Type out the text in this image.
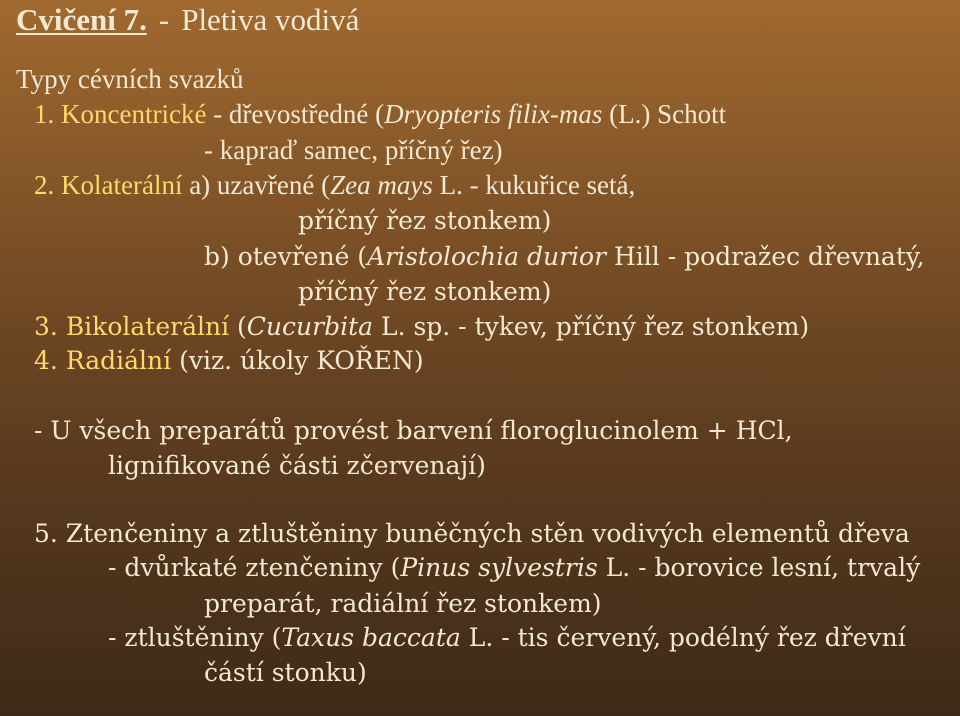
Cvičení 7. - Pletiva vodivá
Typy cévních svazků
1. Koncentrické - dřevostředné (Dryopteris filix-mas (L.) Schott
- kapraď samec, příčný řez)
2. Kolaterální a) uzavřené (Zea mays L. - kukuřice setá,
příčný řez stonkem)
b) otevřené (Aristolochia durior Hill - podražec dřevnatý,
příčný řez stonkem)
3. Bikolaterální (Cucurbita L. sp. - tykev, příčný řez stonkem)
4. Radiální (viz. úkoly KOŘEN)
- U všech preparátů provést barvení floroglucinolem + HCl,
lignifikované části zčervenají)
5. Ztenčeniny a ztluštěniny buněčných stěn vodivých elementů dřeva
- dvůrkaté ztenčeniny (Pinus sylvestris L. - borovice lesní, trvalý
preparát, radiální řez stonkem)
- ztluštěniny (Taxus baccata L. - tis červený, podélný řez dřevní
částí stonku)
